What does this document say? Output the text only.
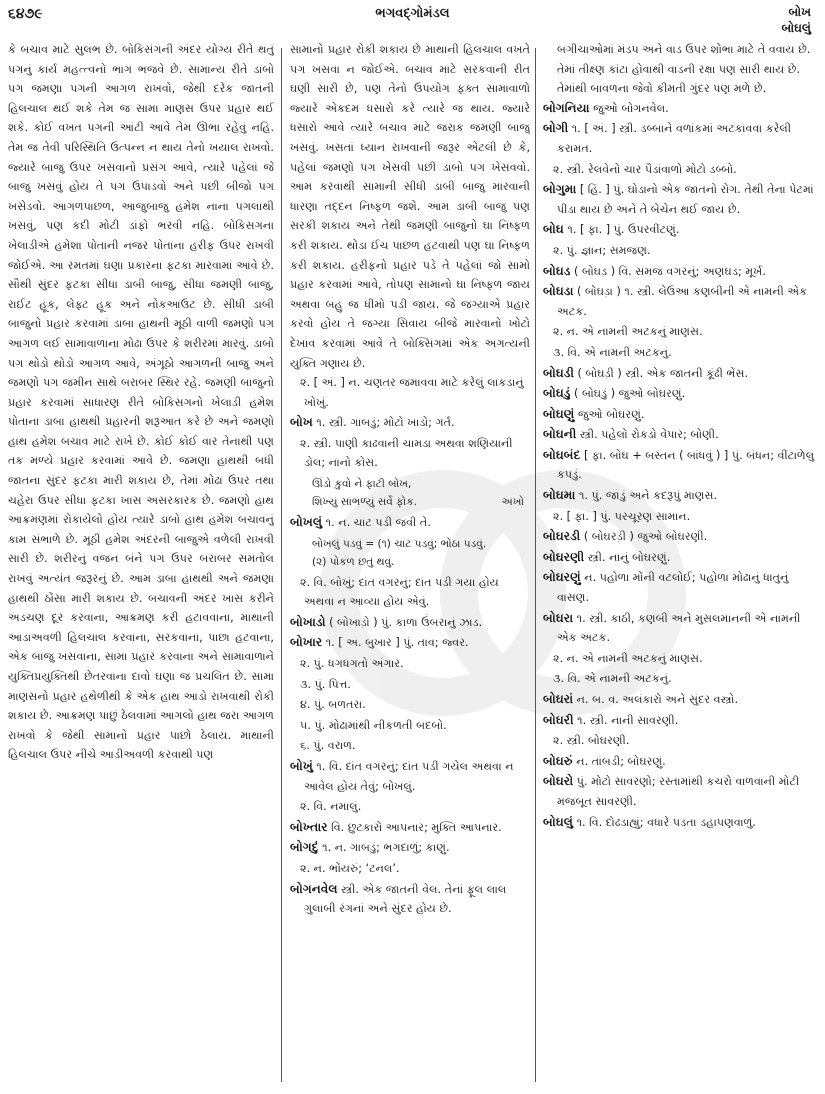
૬૪૭૯	ભગવદ્ગોમંડલ	બોખ
બોઘલું

કે બચાવ માટે સુલભ છે. બોકિસંગની અંદર યોગ્ય રીતે થતું પગનું કાર્ય મહત્ત્વનો ભાગ ભજવે છે. સામાન્ય રીતે ડાબો પગ જમણા પગની આગળ રાખવો, જેથી દરેક જાતની હિલચાલ થઈ શકે તેમ જ સામા માણસ ઉપર પ્રહાર થઈ શકે. કોઈ વખત પગની આંટી આવે તેમ ઊભા રહેવું નહિ. તેમ જ તેવી પરિસ્થિતિ ઉત્પન્ન ન થાય તેનો ખયાલ રાખવો. જ્યારે બાજુ ઉપર ખસવાનો પ્રસંગ આવે, ત્યારે પહેલાં જે બાજુ ખસવું હોય તે પગ ઉપાડવો અને પછી બીજો પગ ખસેડવો. આગળપાછળ, આજુબાજુ હમેશ નાના પગલાથી ખસવું, પણ કદી મોટી ડાંફો ભરવી નહિ. બોકિસગના ખેલાડીએ હમેશા પોતાની નજર પોતાના હરીફ ઉપર રાખવી જોઈએ. આ રમતમાં ઘણા પ્રકારના ફટકા મારવામાં આવે છે. સૌથી સુંદર ફટકા સીધા ડાબી બાજુ, સીધા જમણી બાજુ, રાઈટ હૂક, લેફ્ટ હૂક અને નોકઆઉટ છે. સીધી ડાબી બાજુનો પ્રહાર કરવામાં ડાબા હાથની મૂઠી વાળી જમણો પગ આગળ લઈ સામાવાળાના મોઢા ઉપર કે શરીરમાં મારવું. ડાબો પગ થોડો થોડો આગળ આવે, અંગૂઠો આગળની બાજુ અને જમણો પગ જમીન સાથે બરાબર સ્થિર રહે. જમણી બાજુનો પ્રહાર કરવામાં સાધારણ રીતે બોકિસગનો ખેલાડી હમેશ પોતાના ડાબા હાથથી પ્રહારની શરૂઆત કરે છે અને જમણો હાથ હમેશ બચાવ માટે રાખે છે. કોઈ કોઈ વાર તેનાથી પણ તક મળ્યે પ્રહાર કરવામાં આવે છે. જમણા હાથથી બધી જાતના સુંદર ફટકા મારી શકાય છે, તેમાં મોઢા ઉપર તથા ચહેરા ઉપર સીધા ફટકા ખાસ અસરકારક છે. જમણો હાથ આક્રમણમાં રોકાયેલો હોય ત્યારે ડાબો હાથ હમેશ બચાવનું કામ સંભાળે છે. મૂઠી હમેશ અંદરની બાજુએ વળેલી રાખવી સારી છે. શરીરનું વજન બંને પગ ઉપર બરાબર સમતોલ રાખવું અત્યંત જરૂરનું છે. આમ ડાબા હાથથી અને જમણા હાથથી ઠોંસા મારી શકાય છે. બચાવની અંદર ખાસ કરીને અડચણ દૂર કરવાના, આક્રમણ કરી હટાવવાના, માથાની આડાઅવળી હિલચાલ કરવાના, સરકવાના, પાછા હટવાના, એક બાજુ ખસવાના, સામા પ્રહાર કરવાના અને સામાવાળાને યુક્તિપ્રયુક્તિથી છેતરવાના દાવો ઘણા જ પ્રચલિત છે. સામા માણસનો પ્રહાર હથેળીથી કે એક હાથ આડો રાખવાથી રોકી શકાય છે. આક્રમણ પાછું ઠેલવામાં આગલો હાથ જરા આગળ રાખવો કે જેથી સામાનો પ્રહાર પાછો ઠેલાય. માથાની હિલચાલ ઉપર નીચે આડીઅવળી કરવાથી પણ

સામાનો પ્રહાર રોકી શકાય છે માથાની હિલચાલ વખતે પગ ખસવા ન જોઈએ. બચાવ માટે સરકવાની રીત ઘણી સારી છે, પણ તેનો ઉપયોગ ફક્ત સામાવાળો જ્યારે એકદમ ધસારો કરે ત્યારે જ થાય. જ્યારે ધસારો આવે ત્યારે બચાવ માટે જરાક જમણી બાજુ ખસવું. ખસતાં ધ્યાન રાખવાની જરૂર એટલી છે કે, પહેલાં જમણો પગ ખેસવી પછી ડાબો પગ ખેસવવો. આમ કરવાથી સામાની સીધી ડાબી બાજુ મારવાની ધારણા તદ્દન નિષ્ફળ જશે. આમ ડાબી બાજુ પણ સરકી શકાય અને તેથી જમણી બાજુનો ઘા નિષ્ફળ કરી શકાય. થોડા ઈંચ પાછળ હટવાથી પણ ઘા નિષ્ફળ કરી શકાય. હરીફનો પ્રહાર પડે તે પહેલાં જો સામો પ્રહાર કરવામાં આવે, તોપણ સામાનો ઘા નિષ્ફળ જાય અથવા બહુ જ ધીમો પડી જાય. જે જગ્યાએ પ્રહાર કરવો હોય તે જગ્યા સિવાય બીજે મારવાનો ખોટો દેખાવ કરવામાં આવે તે બોક્સિંગમાં એક અગત્યની યુક્તિ ગણાય છે.

૨. [ અં. ] ન. ચણતર જમાવવા માટે કરેલું લાકડાનું ખોખું.

બોખ ૧. સ્ત્રી. ગાબડું; મોટો ખાડો; ગર્ત.

૨. સ્ત્રી. પાણી કાઢવાની ચામડા અથવા શણિયાની ડોલ; નાનો કોસ.

ઊંડો કુવો ને ફાટી બોખ,
અખો
શિખ્યું સાંભળ્યું સર્વે ફોક.

બોખલું ૧. ન. ચાટ પડી જવી તે.

બોખલું પડવું = (૧) ચાટ પડવું; ભોંઠા પડવું.
(૨) પોકળ છતું થવું.

૨. વિ. બોખું; દાંત વગરનું; દાંત પડી ગયા હોય અથવા ન આવ્યા હોય એવું.

બોખાડો ( બોખાડ઼ો ) પું. કાળા ઉંબરાનું ઝાડ.

બોખાર ૧. [ અ. બુખાર ] પું. તાવ; જ્વર.

૨. પું. ધગધગતો અંગાર.

૩. પું. પિત્ત.

૪. પું. બળતરા.

૫. પું. મોઢામાંથી નીકળતી બદબો.

૬. પું. વરાળ.

બોખું ૧. વિ. દાંત વગરનું; દાંત પડી ગયેલ અથવા ન આવેલ હોય તેવું; બોખલું.

૨. વિ. નમાલું.

બોખ્તાર વિ. છુટકારો આપનાર; મુક્તિ આપનાર.

બોગદું ૧. ન. ગાબડું; ભગદાળું; કાણું.

૨. ન. ભોંયરું; ‘ટનલ’.

બોગનવેલ સ્ત્રી. એક જાતની વેલ. તેનાં ફૂલ લાલ ગુલાબી રંગનાં અને સુંદર હોય છે.

બગીચાઓમાં મંડપ અને વાડ ઉપર શોભા માટે તે વવાય છે. તેમાં તીક્ષ્ણ કાંટા હોવાથી વાડની રક્ષા પણ સારી થાય છે. તેમાંથી બાવળના જેવો કીમતી ગુંદર પણ મળે છે.

બોગનિયા જુઓ બોગનવેલ.

બોગી ૧. [ અં. ] સ્ત્રી. ડબ્બાને વળાંકમાં અટકાવવા કરેલી કરામત.

૨. સ્ત્રી. રેલવેનો ચાર પૈડાંવાળો મોટો ડબ્બો.

બોગુમા [ હિં. ] પું. ઘોડાનો એક જાતનો રોગ. તેથી તેના પેટમાં પીડા થાય છે અને તે બેચેન થઈ જાય છે.

બોઘ ૧. [ ફા. ] પું. ઉપરવીંટણું.

૨. પું. જ્ઞાન; સમજણ.

બોઘડ ( બોઘડ઼ ) વિ. સમજ વગરનું; અણઘડ; મૂર્ખ.

બોઘડા ( બોઘડ઼ા ) ૧. સ્ત્રી. લેઉઆ કણબીની એ નામની એક અટક.

૨. ન. એ નામની અટકનું માણસ.

૩. વિ. એ નામની અટકનું.

બોઘડી ( બોઘડ઼ી ) સ્ત્રી. એક જાતની કૂંઢી ભેંસ.

બોઘડું ( બોઘડ઼ું ) જુઓ બોઘરણું.

બોઘણું જુઓ બોઘરણું.

બોઘની સ્ત્રી. પહેલો રોકડો વેપાર; બોણી.

બોઘબંદ [ ફા. બોઘ + બસ્તન ( બાંધવું ) ] પું. બંધન; વીંટાળેલું કપડું.

બોઘમા ૧. પું. જાડું અને કદરૂપું માણસ.

૨. [ ફા. ] પું. પરચૂરણ સામાન.

બોઘરડી ( બોઘરડ઼ી ) જુઓ બોઘરણી.

બોઘરણી સ્ત્રી. નાનું બોઘરણું.

બોઘરણું ન. પહોળા મોંની વટલોઈ; પહોળા મોઢાનું ધાતુનું વાસણ.

બોઘરા ૧. સ્ત્રી. કાઠી, કણબી અને મુસલમાનની એ નામની એક અટક.

૨. ન. એ નામની અટકનું માણસ.

૩. વિ. એ નામની અટકનું.

બોઘરાં ન. બ. વ. અલંકારો અને સુંદર વસ્ત્રો.

બોઘરી ૧. સ્ત્રી. નાની સાવરણી.

૨. સ્ત્રી. બોઘરણી.

બોઘરું ન. તાંબડી; બોઘરણું.

બોઘરો પું. મોટો સાવરણો; રસ્તામાંથી કચરો વાળવાની મોટી મજબૂત સાવરણી.

બોઘલું ૧. વિ. દોઢડાહ્યું; વધારે પડતા ડહાપણવાળું.
